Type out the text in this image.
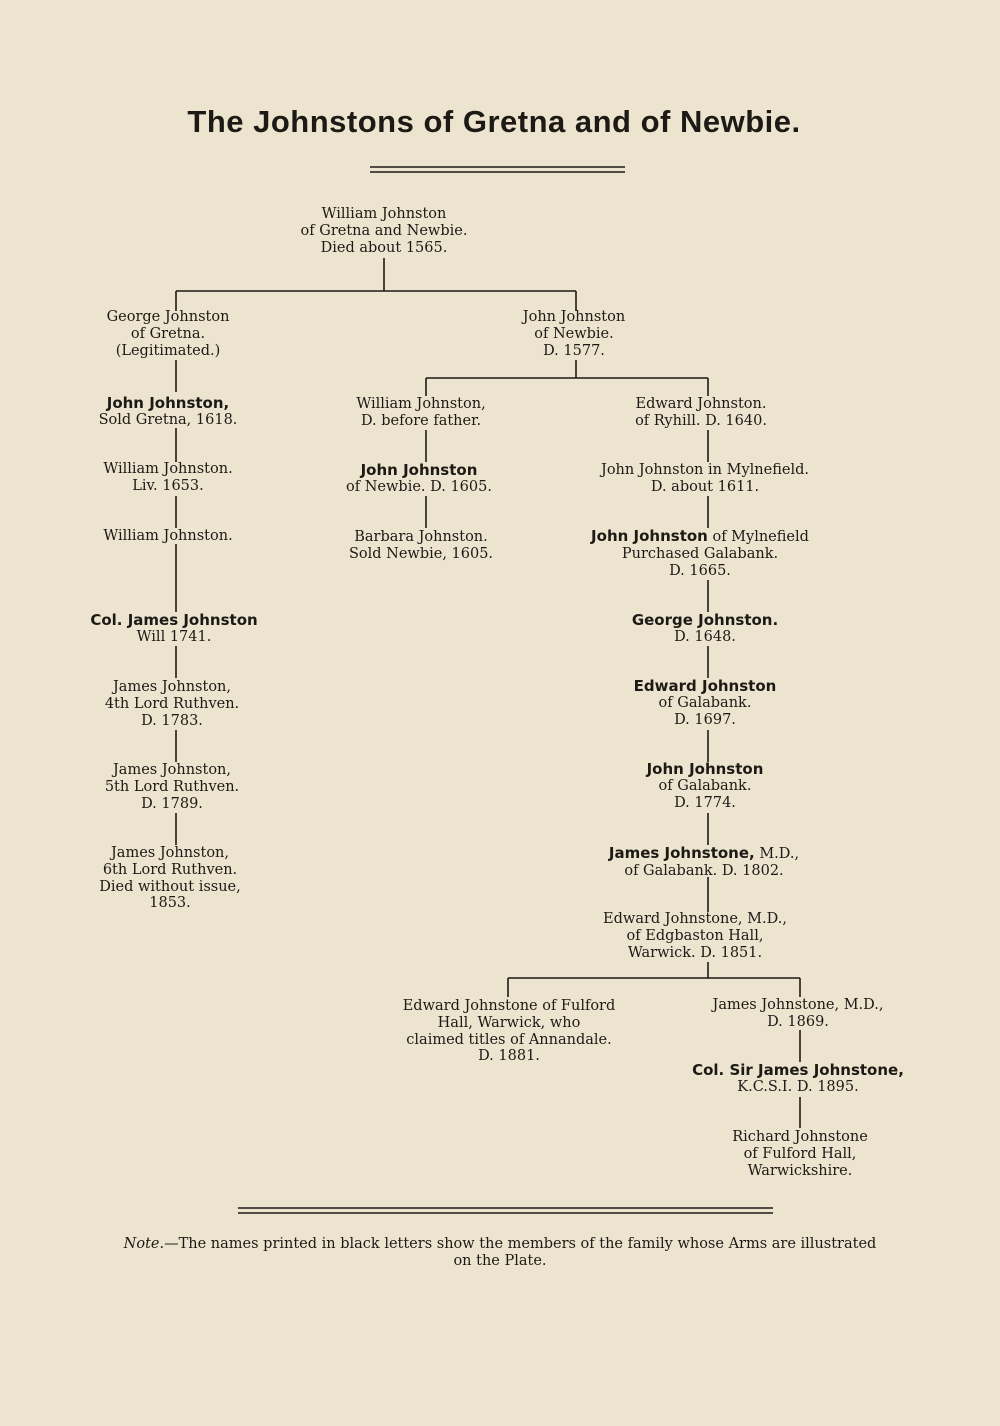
The Johnstons of Gretna and of Newbie.
William Johnston
of Gretna and Newbie.
Died about 1565.
George Johnston
of Gretna.
(Legitimated.)
John Johnston,
Sold Gretna, 1618.
William Johnston.
Liv. 1653.
William Johnston.
Col. James Johnston
Will 1741.
James Johnston,
4th Lord Ruthven.
D. 1783.
James Johnston,
5th Lord Ruthven.
D. 1789.
James Johnston,
6th Lord Ruthven.
Died without issue,
1853.
John Johnston
of Newbie.
D. 1577.
William Johnston,
D. before father.
John Johnston
of Newbie. D. 1605.
Barbara Johnston.
Sold Newbie, 1605.
Edward Johnston.
of Ryhill. D. 1640.
John Johnston in Mylnefield.
D. about 1611.
John Johnston of Mylnefield
Purchased Galabank.
D. 1665.
George Johnston.
D. 1648.
Edward Johnston
of Galabank.
D. 1697.
John Johnston
of Galabank.
D. 1774.
James Johnstone, M.D.,
of Galabank. D. 1802.
Edward Johnstone, M.D.,
of Edgbaston Hall,
Warwick. D. 1851.
Edward Johnstone of Fulford
Hall, Warwick, who
claimed titles of Annandale.
D. 1881.
James Johnstone, M.D.,
D. 1869.
Col. Sir James Johnstone,
K.C.S.I. D. 1895.
Richard Johnstone
of Fulford Hall,
Warwickshire.
Note.—The names printed in black letters show the members of the family whose Arms are illustrated
on the Plate.
